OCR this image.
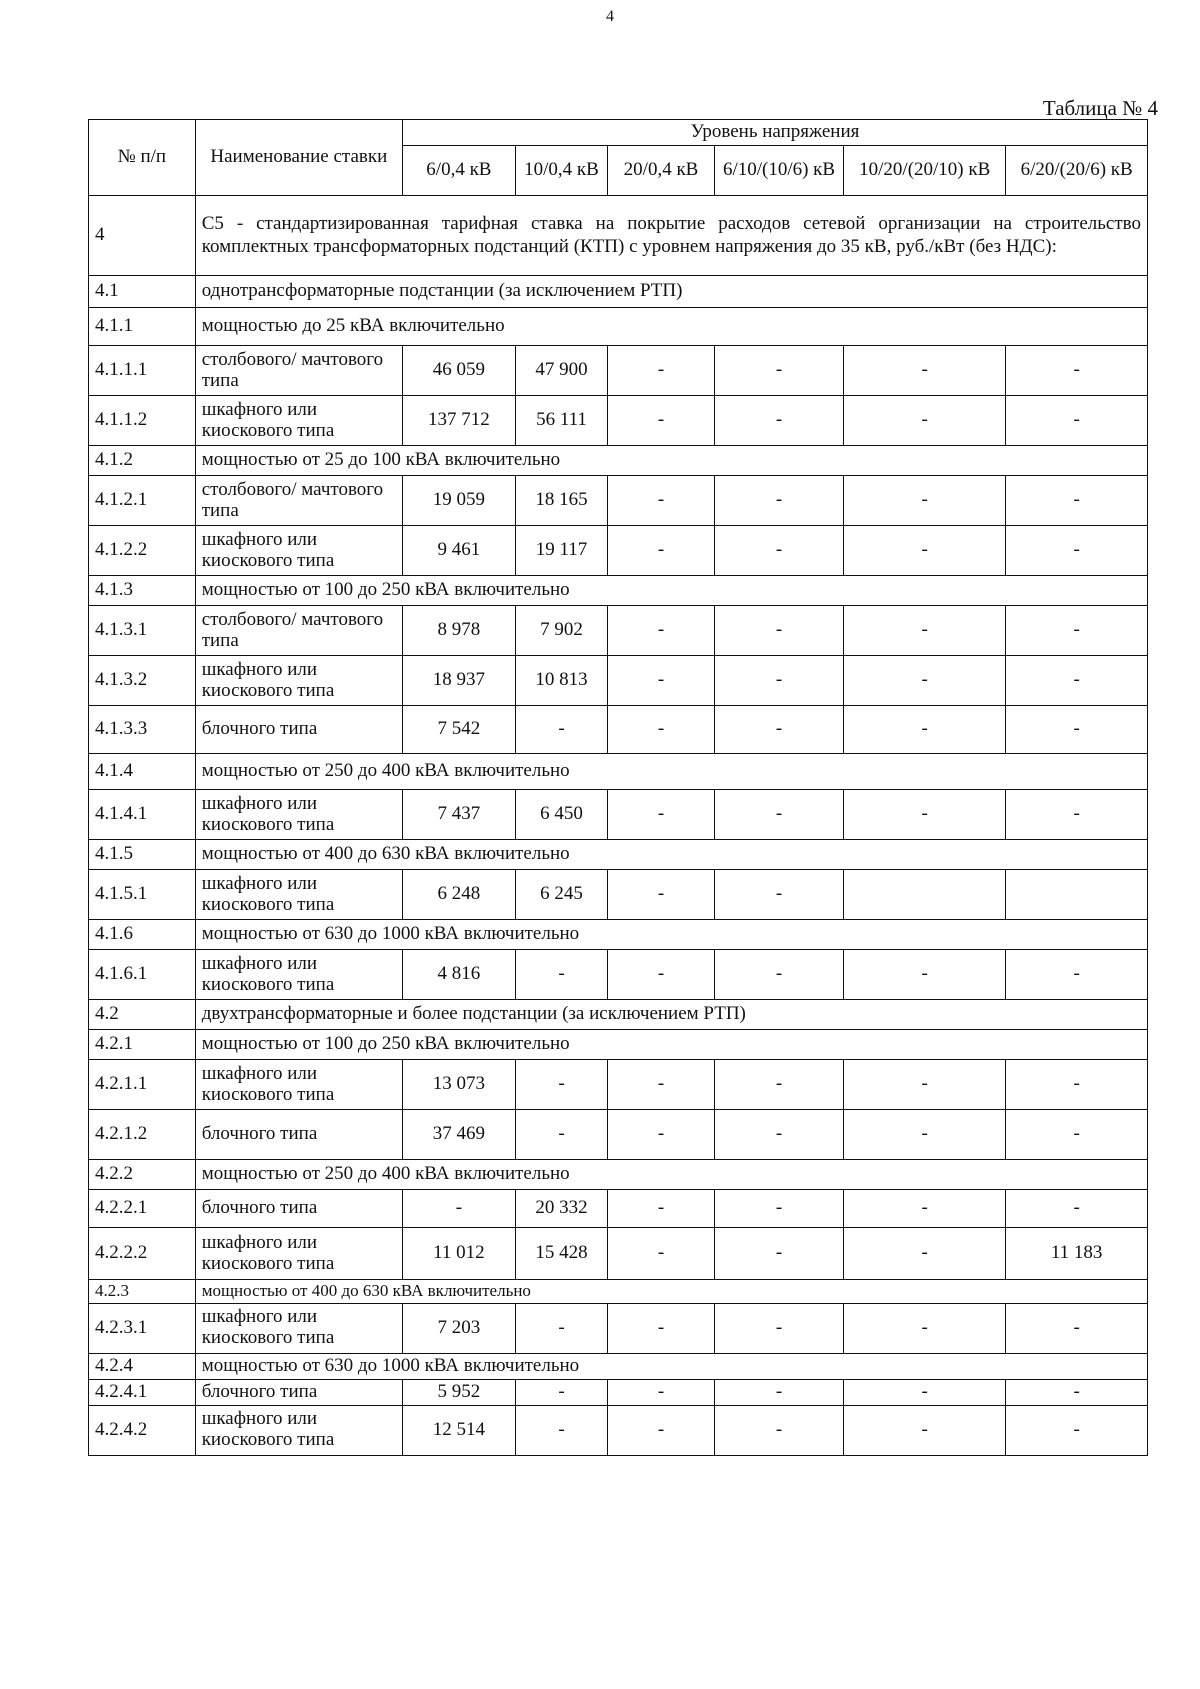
4
Таблица № 4
№ п/п	Наименование ставки	Уровень напряжения					
		6/0,4 кВ	10/0,4 кВ	20/0,4 кВ	6/10/(10/6) кВ	10/20/(20/10) кВ	6/20/(20/6) кВ
4	С5 - стандартизированная тарифная ставка на покрытие расходов сетевой организации на строительство комплектных трансформаторных подстанций (КТП) с уровнем напряжения до 35 кВ, руб./кВт (без НДС):						
4.1	однотрансформаторные подстанции (за исключением РТП)						
4.1.1	мощностью до 25 кВА включительно						
4.1.1.1	столбового/ мачтового типа	46 059	47 900	-	-	-	-
4.1.1.2	шкафного или киоскового типа	137 712	56 111	-	-	-	-
4.1.2	мощностью от 25 до 100 кВА включительно						
4.1.2.1	столбового/ мачтового типа	19 059	18 165	-	-	-	-
4.1.2.2	шкафного или киоскового типа	9 461	19 117	-	-	-	-
4.1.3	мощностью от 100 до 250 кВА включительно						
4.1.3.1	столбового/ мачтового типа	8 978	7 902	-	-	-	-
4.1.3.2	шкафного или киоскового типа	18 937	10 813	-	-	-	-
4.1.3.3	блочного типа	7 542	-	-	-	-	-
4.1.4	мощностью от 250 до 400 кВА включительно						
4.1.4.1	шкафного или киоскового типа	7 437	6 450	-	-	-	-
4.1.5	мощностью от 400 до 630 кВА включительно						
4.1.5.1	шкафного или киоскового типа	6 248	6 245	-	-		
4.1.6	мощностью от 630 до 1000 кВА включительно						
4.1.6.1	шкафного или киоскового типа	4 816	-	-	-	-	-
4.2	двухтрансформаторные и более подстанции (за исключением РТП)						
4.2.1	мощностью от 100 до 250 кВА включительно						
4.2.1.1	шкафного или киоскового типа	13 073	-	-	-	-	-
4.2.1.2	блочного типа	37 469	-	-	-	-	-
4.2.2	мощностью от 250 до 400 кВА включительно						
4.2.2.1	блочного типа	-	20 332	-	-	-	-
4.2.2.2	шкафного или киоскового типа	11 012	15 428	-	-	-	11 183
4.2.3	мощностью от 400 до 630 кВА включительно						
4.2.3.1	шкафного или киоскового типа	7 203	-	-	-	-	-
4.2.4	мощностью от 630 до 1000 кВА включительно						
4.2.4.1	блочного типа	5 952	-	-	-	-	-
4.2.4.2	шкафного или киоскового типа	12 514	-	-	-	-	-
